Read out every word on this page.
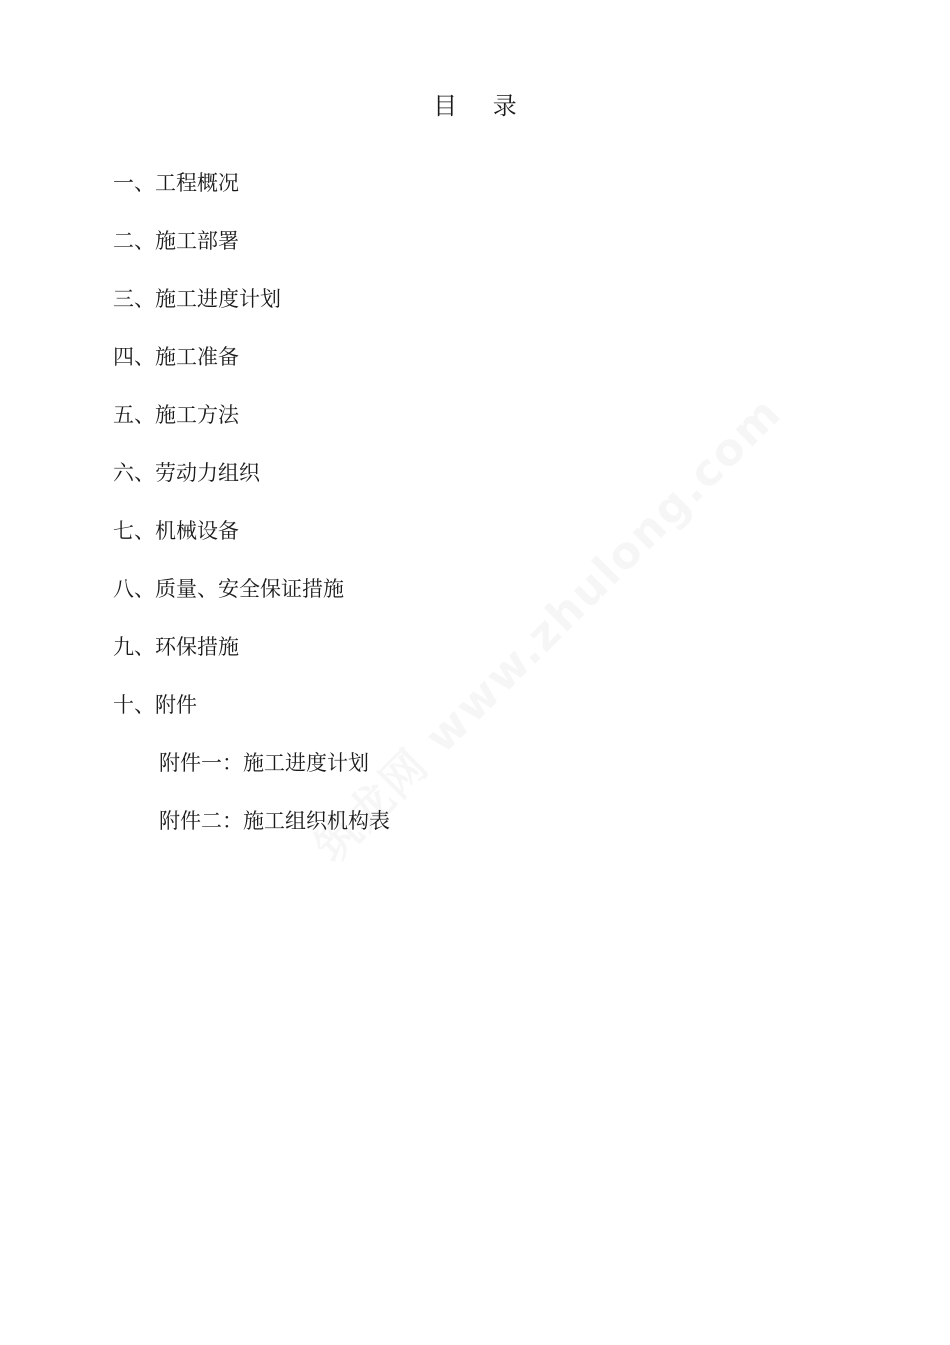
目 录
一、工程概况
二、施工部署
三、施工进度计划
四、施工准备
五、施工方法
六、劳动力组织
七、机械设备
八、质量、安全保证措施
九、环保措施
十、附件
附件一：施工进度计划
附件二：施工组织机构表
